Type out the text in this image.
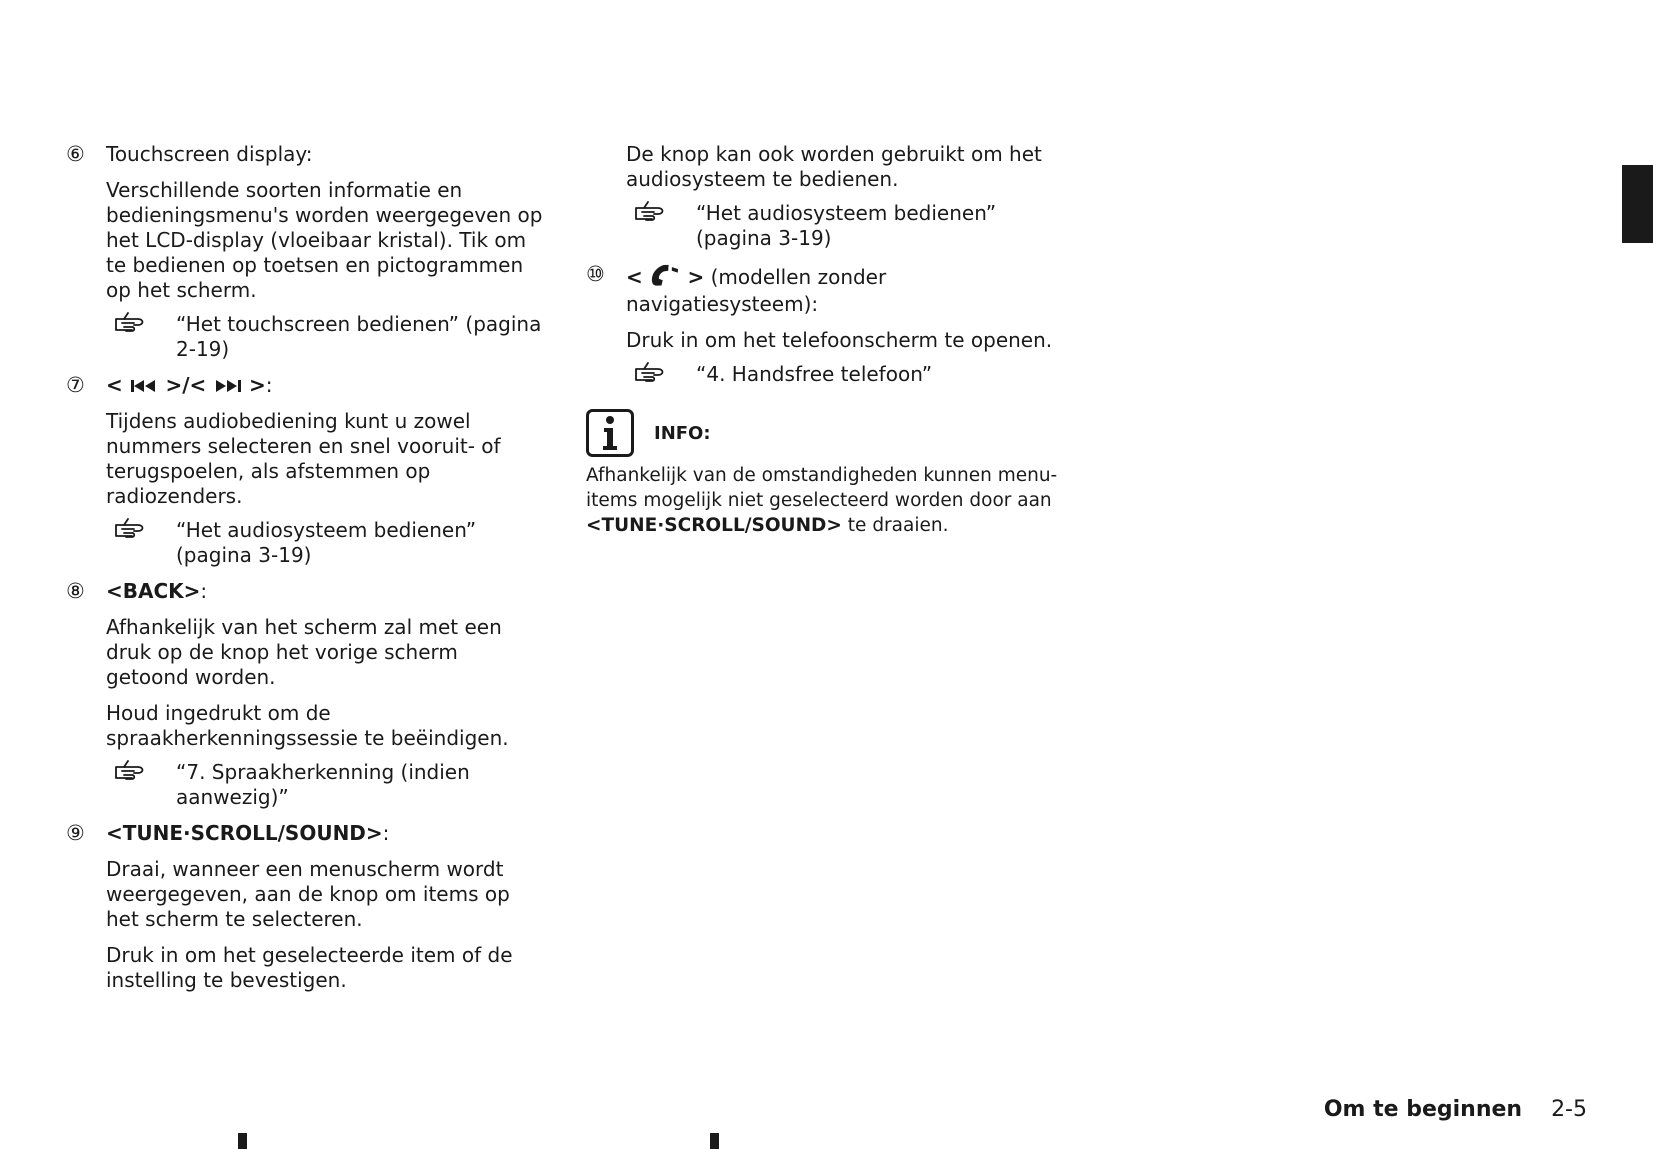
⑥ Touchscreen display:

Verschillende soorten informatie en bedieningsmenu's worden weergegeven op het LCD-display (vloeibaar kristal). Tik om te bedienen op toetsen en pictogrammen op het scherm.

“Het touchscreen bedienen” (pagina 2-19)
⑦ < >/< >:

Tijdens audiobediening kunt u zowel nummers selecteren en snel vooruit- of terugspoelen, als afstemmen op radiozenders.

“Het audiosysteem bedienen” (pagina 3-19)
⑧ <BACK>:

Afhankelijk van het scherm zal met een druk op de knop het vorige scherm getoond worden.

Houd ingedrukt om de spraakherkenningssessie te beëindigen.

“7. Spraakherkenning (indien aanwezig)”
⑨ <TUNE·SCROLL/SOUND>:

Draai, wanneer een menuscherm wordt weergegeven, aan de knop om items op het scherm te selecteren.

Druk in om het geselecteerde item of de instelling te bevestigen.

De knop kan ook worden gebruikt om het audiosysteem te bedienen.

“Het audiosysteem bedienen” (pagina 3-19)
⑩ < > (modellen zonder navigatiesysteem):

Druk in om het telefoonscherm te openen.

“4. Handsfree telefoon”
INFO:

Afhankelijk van de omstandigheden kunnen menu-items mogelijk niet geselecteerd worden door aan <TUNE·SCROLL/SOUND> te draaien.

Om te beginnen 2-5
